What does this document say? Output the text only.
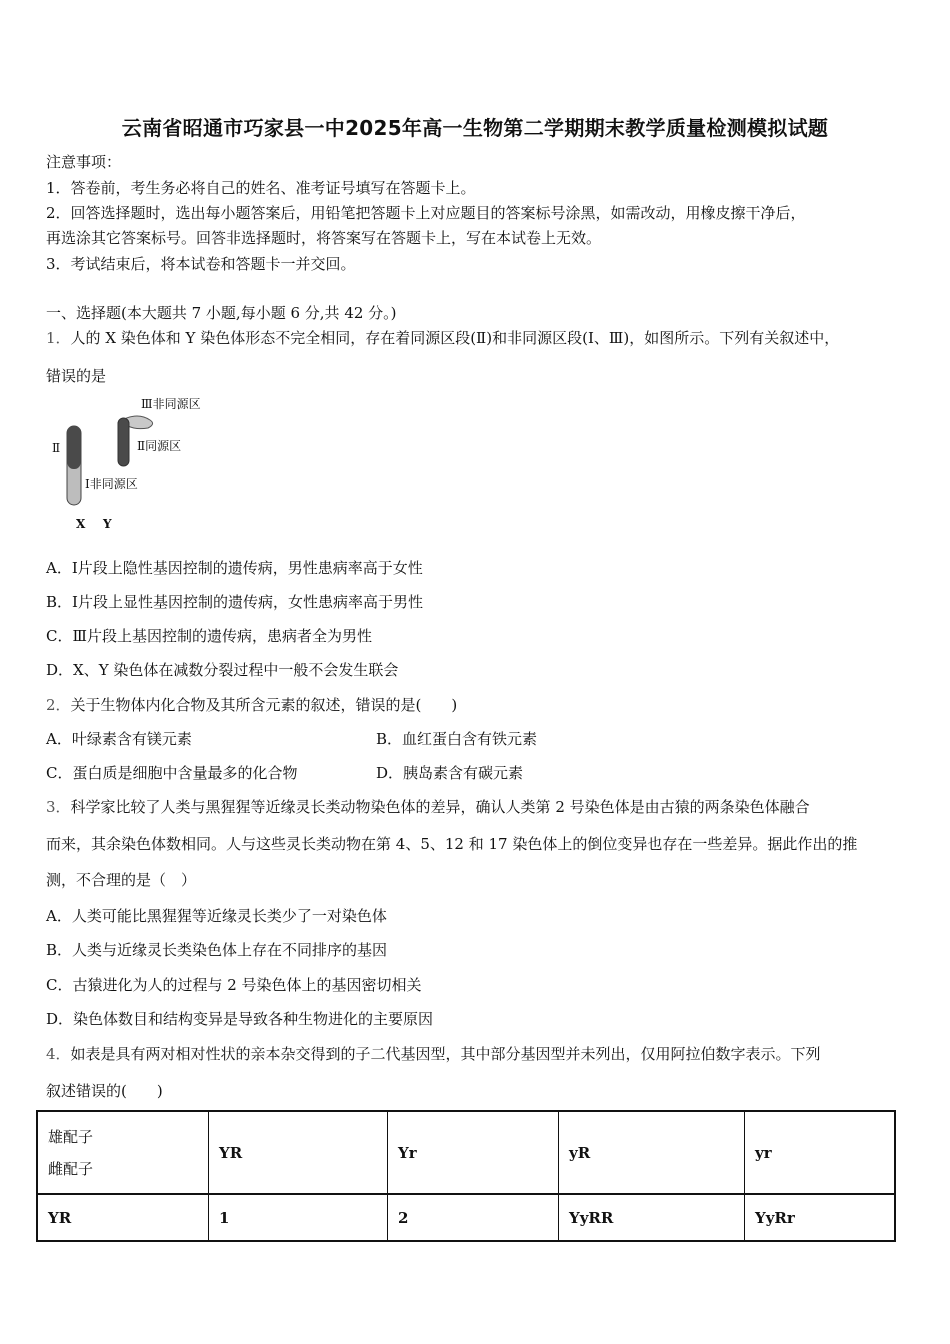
云南省昭通市巧家县一中2025年高一生物第二学期期末教学质量检测模拟试题
注意事项：
1．答卷前，考生务必将自己的姓名、准考证号填写在答题卡上。
2．回答选择题时，选出每小题答案后，用铅笔把答题卡上对应题目的答案标号涂黑，如需改动，用橡皮擦干净后，
再选涂其它答案标号。回答非选择题时，将答案写在答题卡上，写在本试卷上无效。
3．考试结束后，将本试卷和答题卡一并交回。
一、选择题(本大题共 7 小题,每小题 6 分,共 42 分。)
1．人的 X 染色体和 Y 染色体形态不完全相同，存在着同源区段(Ⅱ)和非同源区段(Ⅰ、Ⅲ)，如图所示。下列有关叙述中，
错误的是
Ⅲ非同源区
Ⅱ同源区
Ⅱ
Ⅰ非同源区
X Y
A．Ⅰ片段上隐性基因控制的遗传病，男性患病率高于女性
B．Ⅰ片段上显性基因控制的遗传病，女性患病率高于男性
C．Ⅲ片段上基因控制的遗传病，患病者全为男性
D．X、Y 染色体在减数分裂过程中一般不会发生联会
2．关于生物体内化合物及其所含元素的叙述，错误的是(　　)
A．叶绿素含有镁元素	B．血红蛋白含有铁元素
C．蛋白质是细胞中含量最多的化合物	D．胰岛素含有碳元素
3．科学家比较了人类与黑猩猩等近缘灵长类动物染色体的差异，确认人类第 2 号染色体是由古猿的两条染色体融合
而来，其余染色体数相同。人与这些灵长类动物在第 4、5、12 和 17 染色体上的倒位变异也存在一些差异。据此作出的推
测，不合理的是（　）
A．人类可能比黑猩猩等近缘灵长类少了一对染色体
B．人类与近缘灵长类染色体上存在不同排序的基因
C．古猿进化为人的过程与 2 号染色体上的基因密切相关
D．染色体数目和结构变异是导致各种生物进化的主要原因
4．如表是具有两对相对性状的亲本杂交得到的子二代基因型，其中部分基因型并未列出，仅用阿拉伯数字表示。下列
叙述错误的(　　)
雄配子
雌配子	YR	Yr	yR	yr
YR	1	2	YyRR	YyRr
